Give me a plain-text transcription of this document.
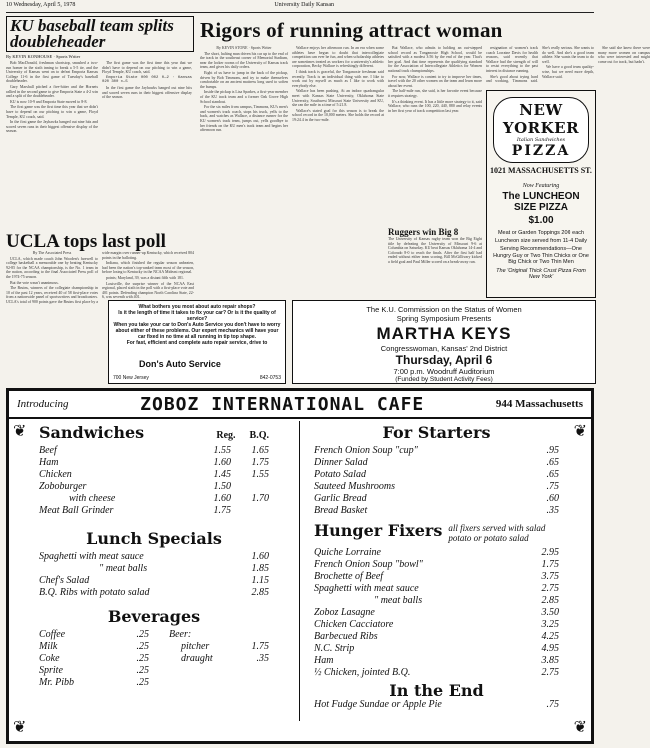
10 Wednesday, April 5, 1978	University Daily Kansan
KU baseball team splits doubleheader
By KEVIN KONHOUSE · Sports Writer

Bob MacDonald, freshman shortstop, smashed a two-run homer in the sixth inning to break a 5-5 tie, and the University of Kansas went on to defeat Emporia Kansas College 11-6 in the first game of Tuesday's baseball doubleheader.

Gary Marshall pitched a five-hitter and the Hornets rallied in the second game to give Emporia State a 4-2 win and a split of the doubleheader.

KU is now 10-9 and Emporia State moved to 8-8.

The first game was the first time this year that we didn't have to depend on our pitching to win a game, Floyd Temple, KU coach, said.

In the first game the Jayhawks banged out nine hits and scored seven runs in their biggest offensive display of the season.

The first game was the first time this year that we didn't have to depend on our pitching to win a game, Floyd Temple, KU coach, said.

Emporia State 000 002 0—2 · Kansas 020 300 x—5

In the first game the Jayhawks banged out nine hits and scored seven runs in their biggest offensive display of the season.

Rigors of running attract woman

By KEVIN STONE · Sports Writer

The short, halting man driven his car up to the end of the track in the southeast corner of Memorial Stadium, near the locker rooms of the University of Kansas track team, and gives his daily orders.

Eight of us have to jump in the back of the pickup, driven by Bob Timmons, and try to make themselves comfortable on an ancient mattress long used to soften the bumps.

Inside the pickup is Lisa Sparkes, a first-year member of the KU track team and a former Oak Grove High School standout.

For the six miles from campus, Timmons, KU's men's and women's track coach, stops his truck, yells to the back, and watches as Wallace, a distance runner for the KU women's track team, jumps out, yells goodbye to her friends on the KU men's track team and begins her afternoon run.

Wallace enjoys her afternoon run. In an era when some athletes have begun to doubt that intercollegiate competition can ever be fun, and when scholarship athletes are sometimes treated as workers for a university's athletic corporation, Becky Wallace is refreshingly different.

I think track is graceful, the Tonganoxie freshman said recently. Track is an individual thing with me. I like to work out by myself as much as I like to work with everybody else.

Wallace has been pushing. At an indoor quadrangular meet with Kansas State University, Oklahoma State University, Southwest Missouri State University and KU, she ran the mile in a time of 5:21.8.

Wallace's stated goal for this season is to break the school record in the 10,000 meters. She holds the record at 19:24.4 in the two-mile.

But Wallace, who admits to holding an out-stepped school record as Tonganoxie High School, would be satisfied with a modest 3:56 by the end of the year. That's her goal. And that time represents the qualifying standard for the Association of Intercollegiate Athletics for Women national track championships.

For now, Wallace is content to try to improve her times, travel with the 20 other women on the team and learn more about her event.

The half-mile run, she said, is her favorite event because it requires strategy.

It's a thinking event. It has a little more strategy to it, said Wallace, who runs the 100, 220, 440, 880 and relay events in her first year of track competition last year.

resignation of women's track coach Lorraine Davis for health reasons, said recently that Wallace had the strength of will to resist everything to the past interest in distance running.

She's good about trying hard and working, Timmons said. She's really serious. She wants to do well. And she's a good team athlete. She wants the team to do well.

We have a good team quality-wise, but we need more depth, Wallace said.

She said she knew there were many more women on campus who were interested and might come out for track, but hadn't.

Ruggers win Big 8
The University of Kansas rugby team won the Big Eight title by defeating the University of Missouri 9-6 at Columbia on Saturday. KU beat Kansas Oklahoma 14-4 and Colorado 8-0 to reach the finals. After the first half had ended without either team scoring, Bill McGillivary kicked a field goal and Paul Miller scored on a break-away run.
NEW YORKER
Italian Sandwiches
PIZZA
1021 MASSACHUSETTS ST.
Now Featuring
The LUNCHEON SIZE PIZZA
$1.00
Meat or Garden Toppings 20¢ each
Luncheon size served from 11-4 Daily
Serving Recommendations—One Hungry Guy or Two Thin Chicks or One Big Chick or Two Thin Men
The 'Original Thick Crust Pizza From New York'
UCLA tops last poll

By The Associated Press

UCLA, which made coach John Wooden's farewell to college basketball a memorable one by beating Kentucky 92-85 for the NCAA championship, is the No. 1 team in the nation, according to the final Associated Press poll of the 1974-75 season.

But the vote wasn't unanimous.

The Bruins, winners of the collegiate championship in 10 of the past 12 years, received 40 of 58 first-place votes from a nationwide panel of sportswriters and broadcasters. UCLA's total of 900 points gave the Bruins first place by a wide margin over runner-up Kentucky, which received 804 points in the balloting.

Indiana, which finished the regular season unbeaten, had been the nation's top-ranked team most of the season, before losing to Kentucky in the NCAA Mideast regional.

points; Maryland, 39, was a distant fifth with 181.

Louisville, the surprise winner of the NCAA East regional, placed sixth in the poll with a first-place vote and 401 points. Defending champion North Carolina State, 22-6, was seventh with 401.

What bothers you most about auto repair shops?
Is it the length of time it takes to fix your car? Or is it the quality of service?
When you take your car to Don's Auto Service you don't have to worry about either of these problems. Our expert mechanics will have your car fixed in no time at all running in tip top shape.
For fast, efficient and complete auto repair service, drive to
Don's Auto Service
700 New Jersey	842-0753
The K.U. Commission on the Status of Women
Spring Symposium Presents
MARTHA KEYS
Congresswoman, Kansas' 2nd District
Thursday, April 6
7:00 p.m. Woodruff Auditorium
(Funded by Student Activity Fees)
Introducing	ZOBOZ INTERNATIONAL CAFE	944 Massachusetts
Sandwiches	Reg. B.Q.
Beef	1.55	1.65
Ham	1.60	1.75
Chicken	1.45	1.55
Zoboburger	1.50
with cheese	1.60	1.70
Meat Ball Grinder	1.75
Lunch Specials
Spaghetti with meat sauce	1.60
" meat balls	1.85
Chef's Salad	1.15
B.Q. Ribs with potato salad	2.85
Beverages
Coffee	.25
Milk	.25
Coke	.25
Sprite	.25
Mr. Pibb	.25
Beer:
pitcher	1.75
draught	.35
For Starters
French Onion Soup "cup"	.95
Dinner Salad	.65
Potato Salad	.65
Sauteed Mushrooms	.75
Garlic Bread	.60
Bread Basket	.35
Hunger Fixers all fixers served with salad potato or potato salad
Quiche Lorraine	2.95
French Onion Soup "bowl"	1.75
Brochette of Beef	3.75
Spaghetti with meat sauce	2.75
" meat balls	2.85
Zoboz Lasagne	3.50
Chicken Cacciatore	3.25
Barbecued Ribs	4.25
N.C. Strip	4.95
Ham	3.85
½ Chicken, jointed B.Q.	2.75
In the End
Hot Fudge Sundae or Apple Pie	.75
❦	❦
❦	❦
